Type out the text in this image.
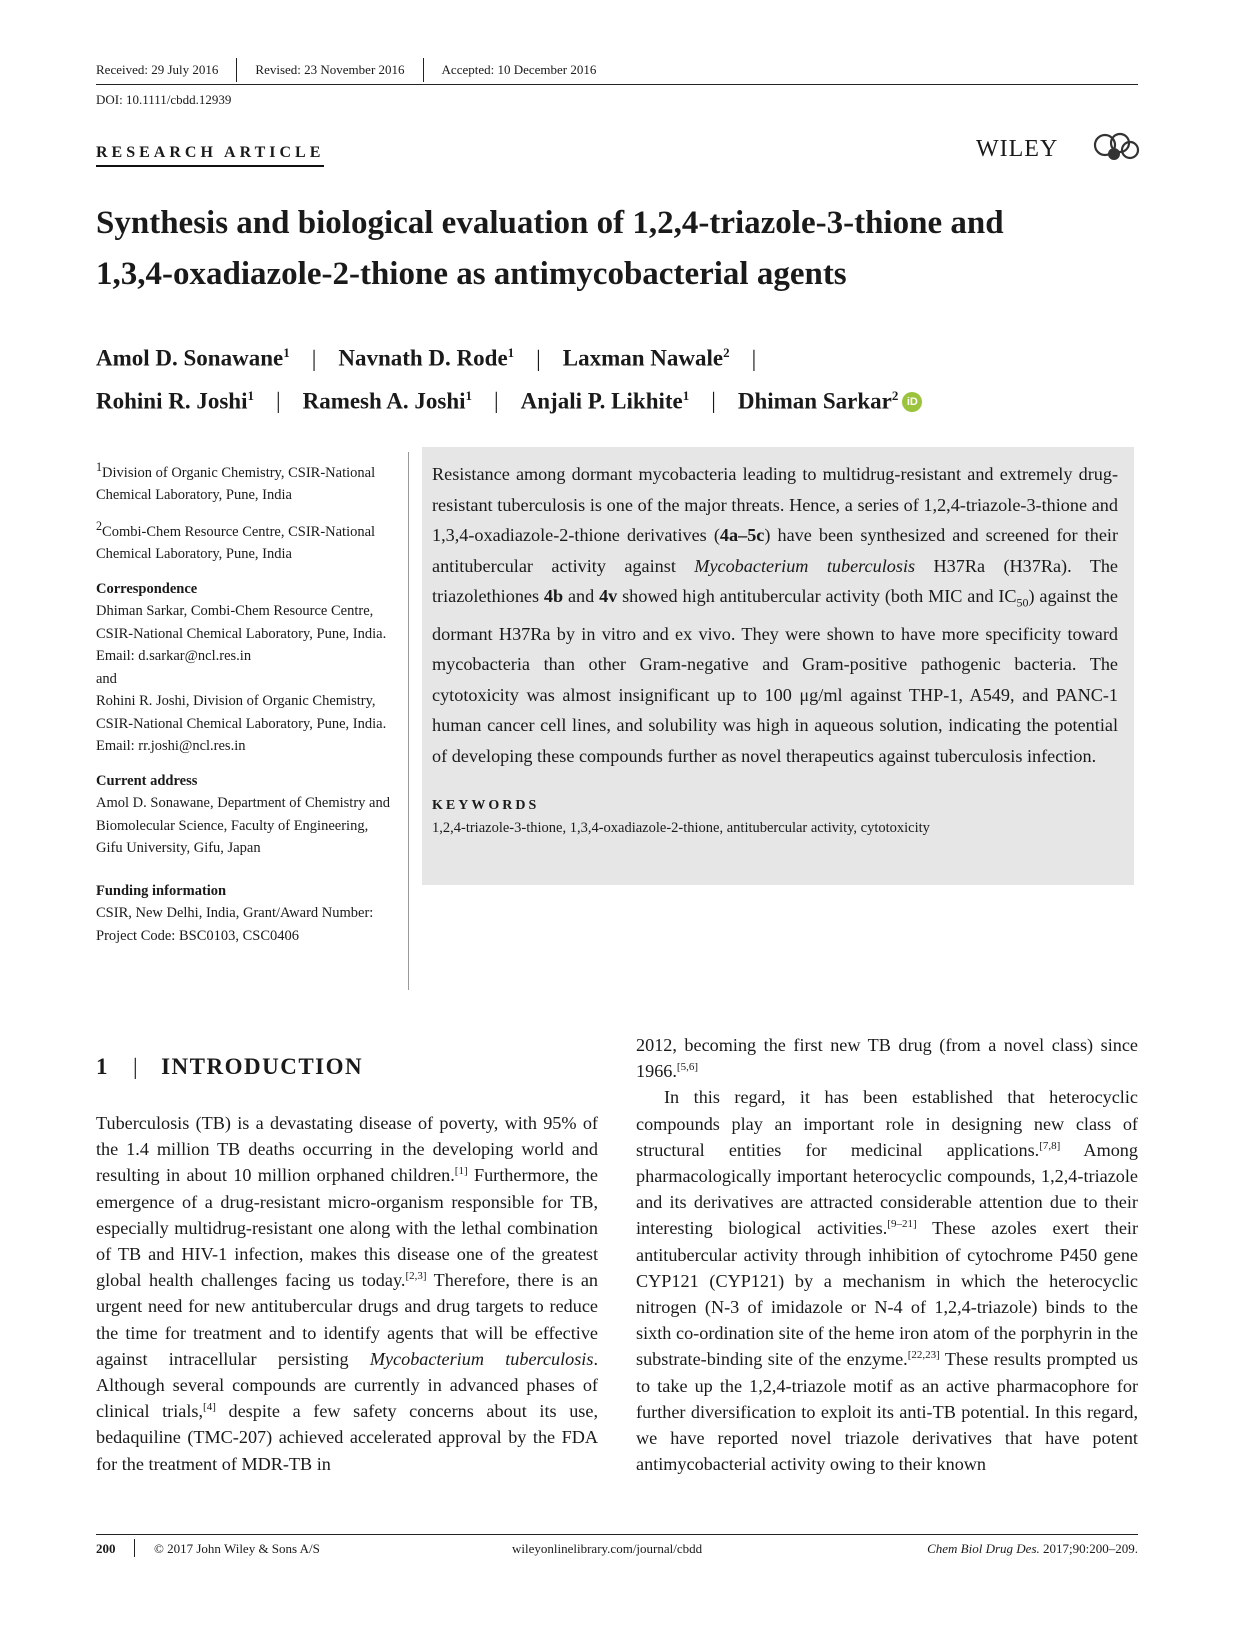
Received: 29 July 2016	Revised: 23 November 2016	Accepted: 10 December 2016
DOI: 10.1111/cbdd.12939
RESEARCH ARTICLE	WILEY
Synthesis and biological evaluation of 1,2,4-triazole-3-thione and
1,3,4-oxadiazole-2-thione as antimycobacterial agents
Amol D. Sonawane$^1$ | Navnath D. Rode$^1$ | Laxman Nawale$^2$ |
Rohini R. Joshi$^1$ | Ramesh A. Joshi$^1$ | Anjali P. Likhite$^1$ | Dhiman Sarkar$^2$ iD

$^1$Division of Organic Chemistry, CSIR-National Chemical Laboratory, Pune, India

$^2$Combi-Chem Resource Centre, CSIR-National Chemical Laboratory, Pune, India

Correspondence
Dhiman Sarkar, Combi-Chem Resource Centre, CSIR-National Chemical Laboratory, Pune, India.
Email: d.sarkar@ncl.res.in
and
Rohini R. Joshi, Division of Organic Chemistry, CSIR-National Chemical Laboratory, Pune, India.
Email: rr.joshi@ncl.res.in
Current address
Amol D. Sonawane, Department of Chemistry and Biomolecular Science, Faculty of Engineering, Gifu University, Gifu, Japan
Funding information
CSIR, New Delhi, India, Grant/Award Number: Project Code: BSC0103, CSC0406
Resistance among dormant mycobacteria leading to multidrug-resistant and extremely drug-resistant tuberculosis is one of the major threats. Hence, a series of 1,2,4-triazole-3-thione and 1,3,4-oxadiazole-2-thione derivatives (4a–5c) have been synthesized and screened for their antitubercular activity against Mycobacterium tuberculosis H37Ra (H37Ra). The triazolethiones 4b and 4v showed high antitubercular activity (both MIC and $IC_{50}$) against the dormant H37Ra by in vitro and ex vivo. They were shown to have more specificity toward mycobacteria than other Gram-negative and Gram-positive pathogenic bacteria. The cytotoxicity was almost insignificant up to 100 μg/ml against THP-1, A549, and PANC-1 human cancer cell lines, and solubility was high in aqueous solution, indicating the potential of developing these compounds further as novel therapeutics against tuberculosis infection.
KEYWORDS
1,2,4-triazole-3-thione, 1,3,4-oxadiazole-2-thione, antitubercular activity, cytotoxicity
1 | INTRODUCTION
Tuberculosis (TB) is a devastating disease of poverty, with 95% of the 1.4 million TB deaths occurring in the developing world and resulting in about 10 million orphaned children.[1] Furthermore, the emergence of a drug-resistant micro-organism responsible for TB, especially multidrug-resistant one along with the lethal combination of TB and HIV-1 infection, makes this disease one of the greatest global health challenges facing us today.[2,3] Therefore, there is an urgent need for new antitubercular drugs and drug targets to reduce the time for treatment and to identify agents that will be effective against intracellular persisting Mycobacterium tuberculosis. Although several compounds are currently in advanced phases of clinical trials,[4] despite a few safety concerns about its use, bedaquiline (TMC-207) achieved accelerated approval by the FDA for the treatment of MDR-TB in
2012, becoming the first new TB drug (from a novel class) since 1966.[5,6]
In this regard, it has been established that heterocyclic compounds play an important role in designing new class of structural entities for medicinal applications.[7,8] Among pharmacologically important heterocyclic compounds, 1,2,4-triazole and its derivatives are attracted considerable attention due to their interesting biological activities.[9–21] These azoles exert their antitubercular activity through inhibition of cytochrome P450 gene CYP121 (CYP121) by a mechanism in which the heterocyclic nitrogen (N-3 of imidazole or N-4 of 1,2,4-triazole) binds to the sixth co-ordination site of the heme iron atom of the porphyrin in the substrate-binding site of the enzyme.[22,23] These results prompted us to take up the 1,2,4-triazole motif as an active pharmacophore for further diversification to exploit its anti-TB potential. In this regard, we have reported novel triazole derivatives that have potent antimycobacterial activity owing to their known
200	© 2017 John Wiley & Sons A/S	wileyonlinelibrary.com/journal/cbdd	Chem Biol Drug Des. 2017;90:200–209.
